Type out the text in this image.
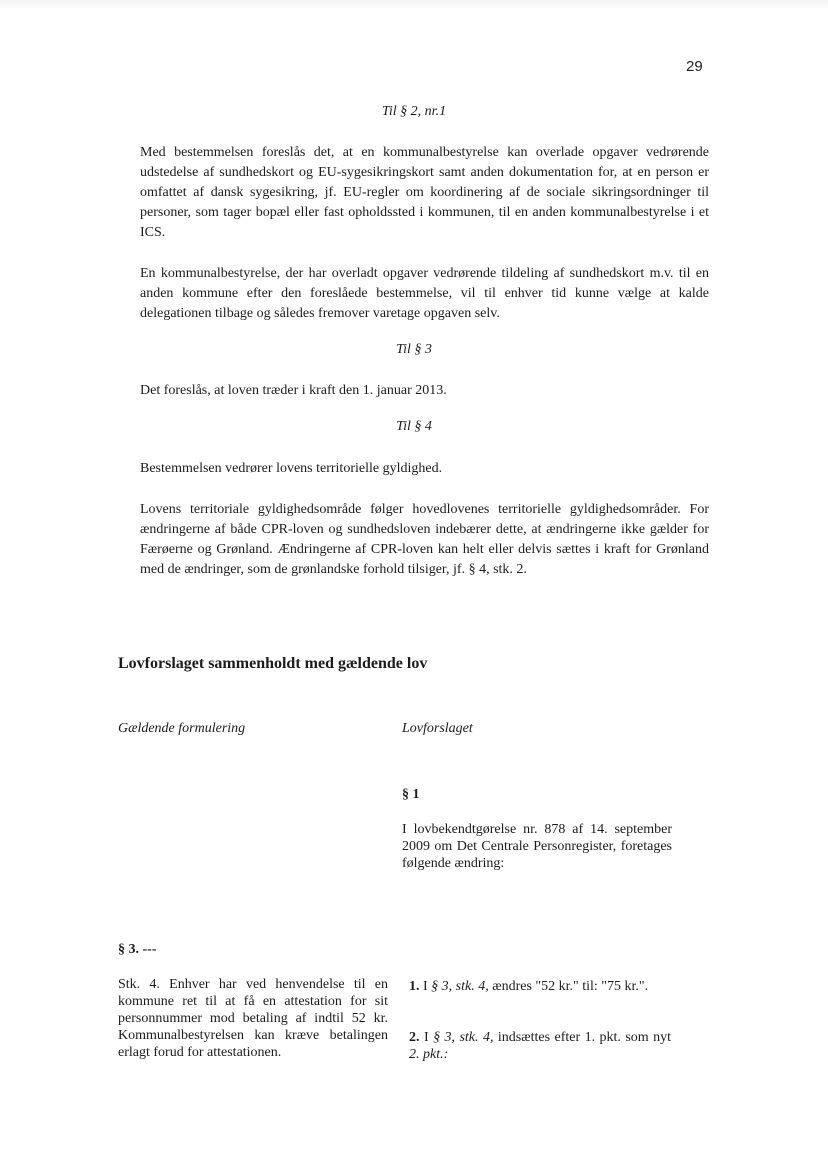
29
Til § 2, nr.1
Med bestemmelsen foreslås det, at en kommunalbestyrelse kan overlade opgaver vedrørende udstedelse af sundhedskort og EU-sygesikringskort samt anden dokumentation for, at en person er omfattet af dansk sygesikring, jf. EU-regler om koordinering af de sociale sikringsordninger til personer, som tager bopæl eller fast opholdssted i kommunen, til en anden kommunalbestyrelse i et ICS.
En kommunalbestyrelse, der har overladt opgaver vedrørende tildeling af sundhedskort m.v. til en anden kommune efter den foreslåede bestemmelse, vil til enhver tid kunne vælge at kalde delegationen tilbage og således fremover varetage opgaven selv.
Til § 3
Det foreslås, at loven træder i kraft den 1. januar 2013.
Til § 4
Bestemmelsen vedrører lovens territorielle gyldighed.
Lovens territoriale gyldighedsområde følger hovedlovenes territorielle gyldighedsområder. For ændringerne af både CPR-loven og sundhedsloven indebærer dette, at ændringerne ikke gælder for Færøerne og Grønland. Ændringerne af CPR-loven kan helt eller delvis sættes i kraft for Grønland med de ændringer, som de grønlandske forhold tilsiger, jf. § 4, stk. 2.
Lovforslaget sammenholdt med gældende lov
Gældende formulering	Lovforslaget
§ 1
I lovbekendtgørelse nr. 878 af 14. september 2009 om Det Centrale Personregister, foretages følgende ændring:
§ 3. ---
Stk. 4. Enhver har ved henvendelse til en kommune ret til at få en attestation for sit personnummer mod betaling af indtil 52 kr. Kommunalbestyrelsen kan kræve betalingen erlagt forud for attestationen.
1. I § 3, stk. 4, ændres "52 kr." til: "75 kr.".
2. I § 3, stk. 4, indsættes efter 1. pkt. som nyt 2. pkt.:
